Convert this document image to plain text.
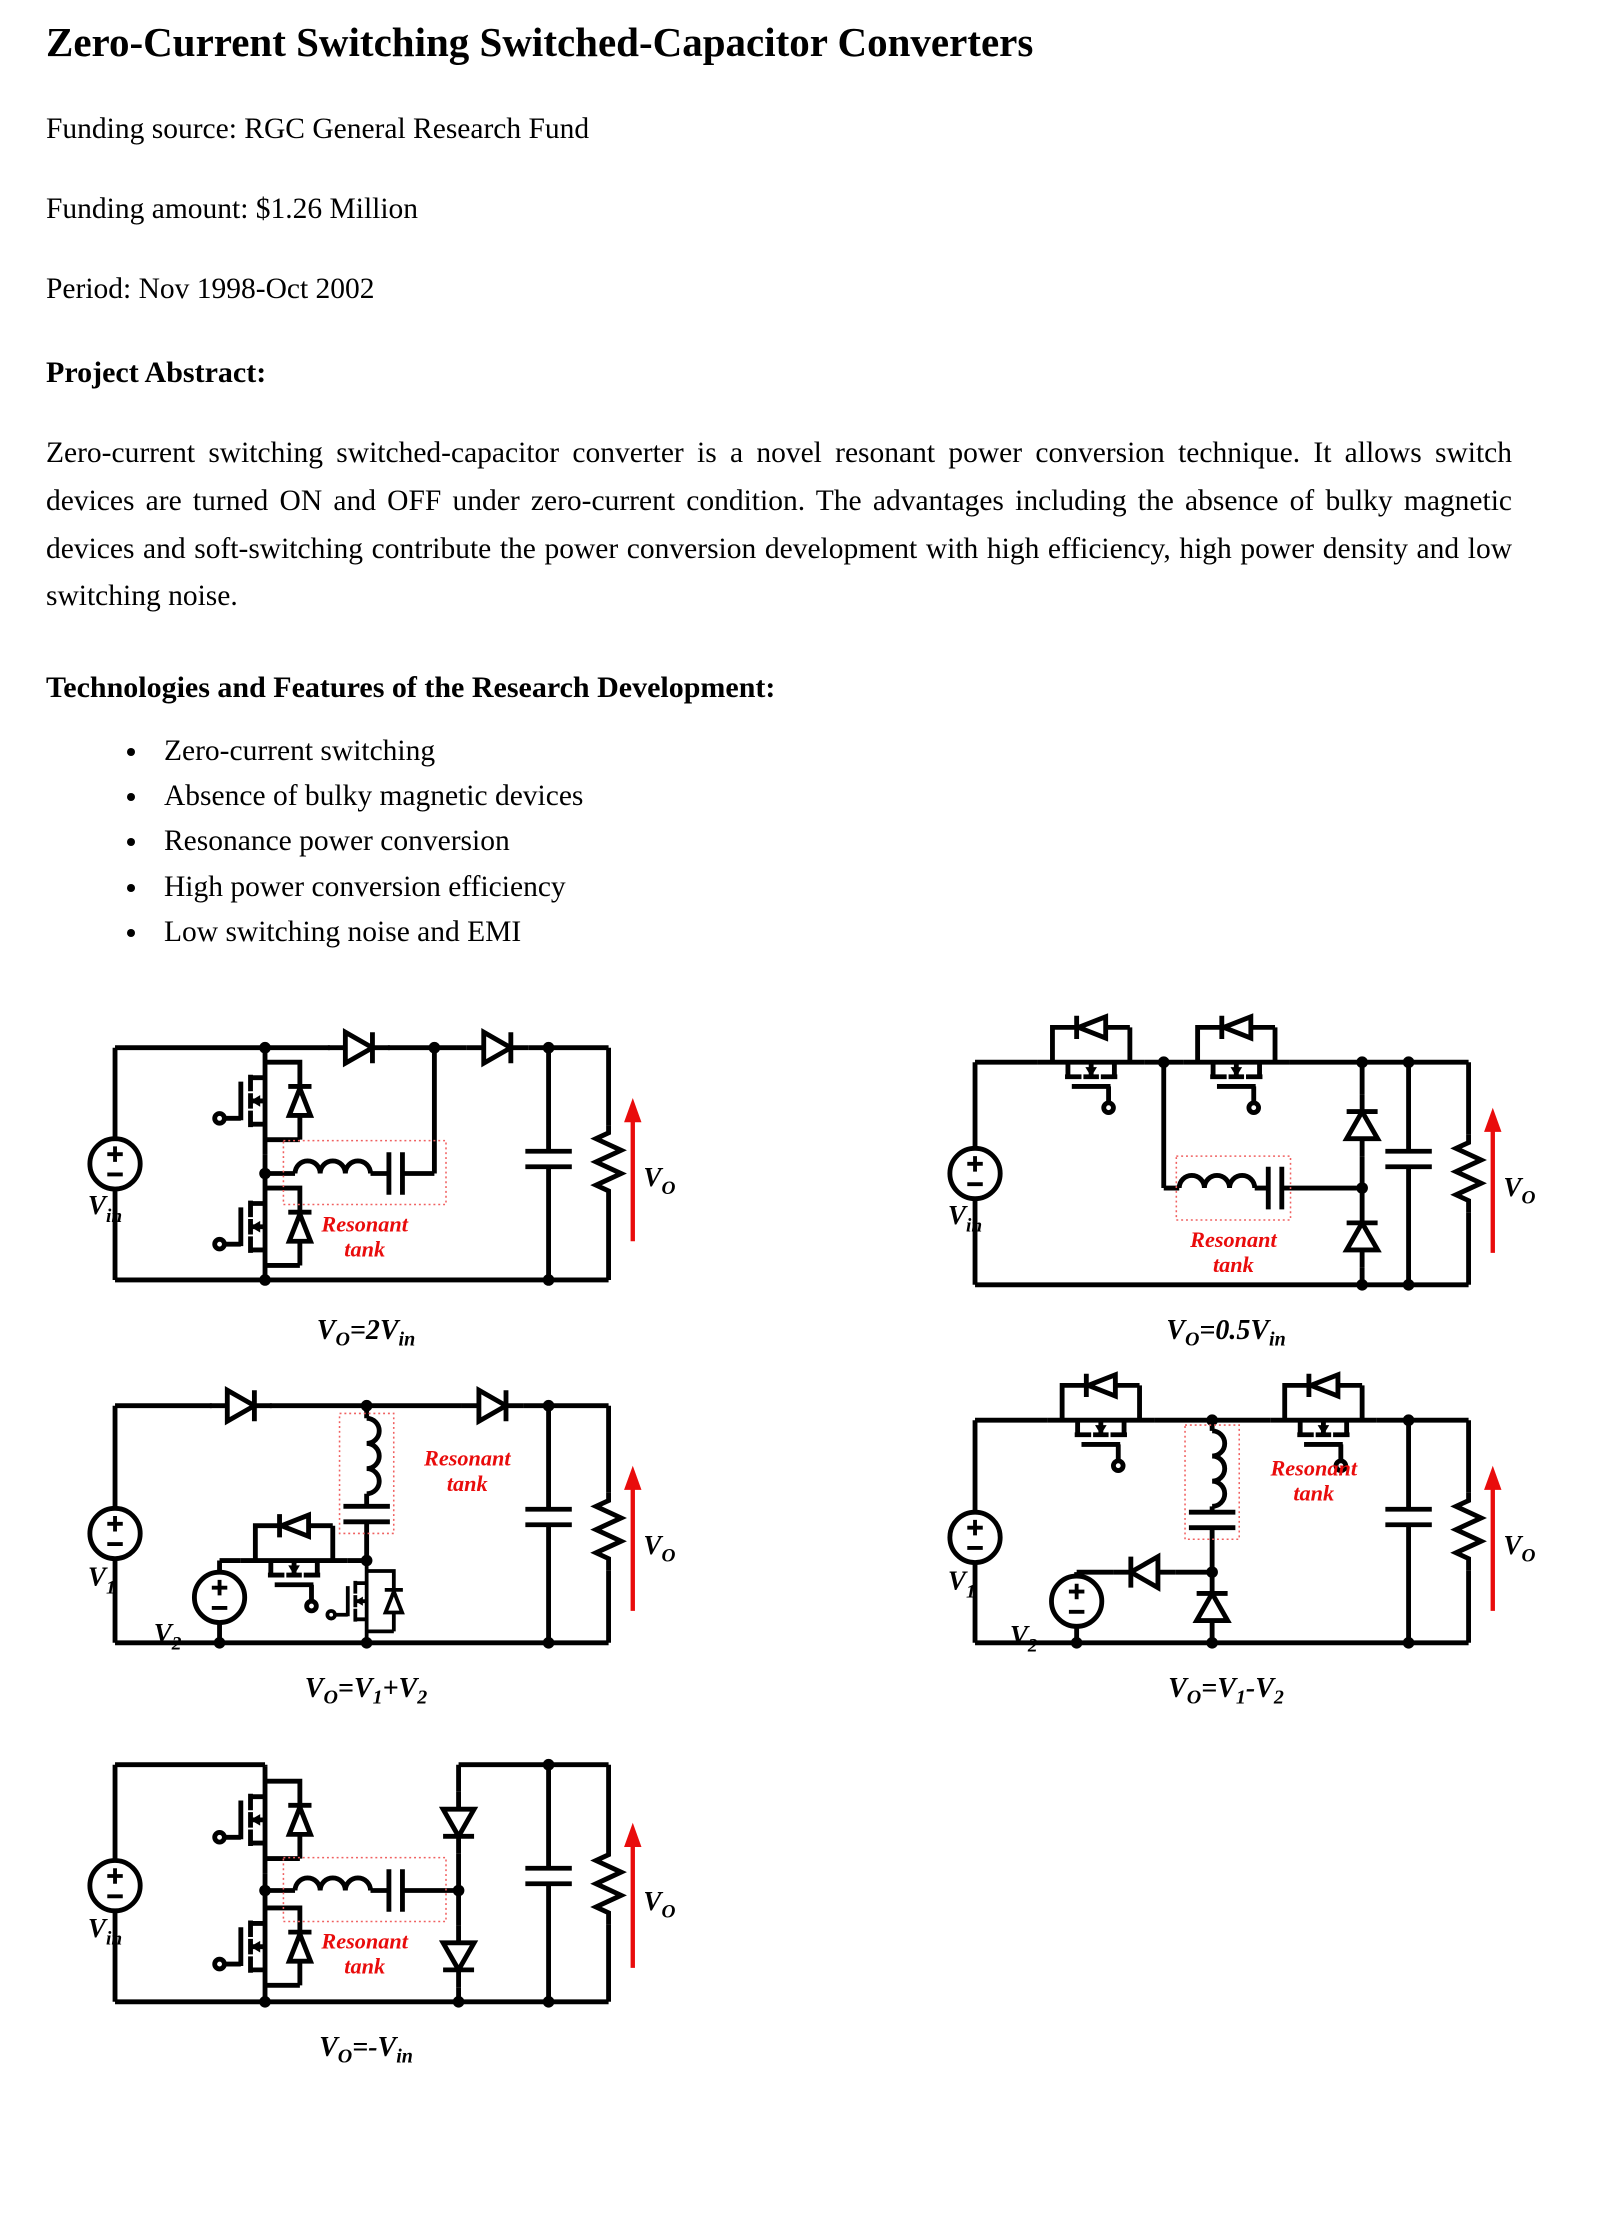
Zero-Current Switching Switched-Capacitor Converters

Funding source: RGC General Research Fund

Funding amount: $1.26 Million

Period: Nov 1998-Oct 2002

Project Abstract:

Zero-current switching switched-capacitor converter is a novel resonant power conversion technique. It allows switch devices are turned ON and OFF under zero-current condition. The advantages including the absence of bulky magnetic devices and soft-switching contribute the power conversion development with high efficiency, high power density and low switching noise.

Technologies and Features of the Research Development:
• Zero-current switching
• Absence of bulky magnetic devices
• Resonance power conversion
• High power conversion efficiency
• Low switching noise and EMI
Resonant
tank
$V_{in}$
$V_O$
$V_O=2V_{in}$
Resonant
tank
$V_{in}$
$V_O$
$V_O=0.5V_{in}$
Resonant
tank
$V_1$
$V_2$
$V_O$
$V_O=V_1+V_2$
Resonant
tank
$V_1$
$V_2$
$V_O$
$V_O=V_1-V_2$
Resonant
tank
$V_{in}$
$V_O$
$V_O=-V_{in}$
